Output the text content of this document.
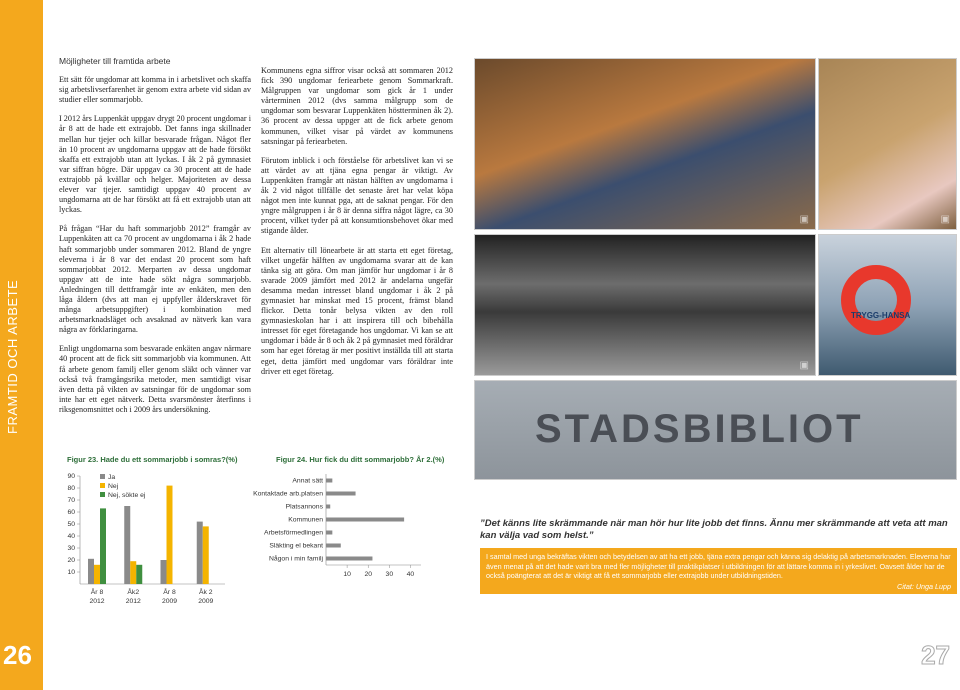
FRAMTID OCH ARBETE
26	27

Möjligheter till framtida arbete

Ett sätt för ungdomar att komma in i arbetslivet och skaffa sig arbetslivserfarenhet är genom extra arbete vid sidan av studier eller sommarjobb.

I 2012 års Luppenkät uppgav drygt 20 procent ungdomar i år 8 att de hade ett extrajobb. Det fanns inga skillnader mellan hur tjejer och killar besvarade frågan. Något fler än 10 procent av ungdomarna uppgav att de hade försökt skaffa ett extrajobb utan att lyckas. I åk 2 på gymnasiet var siffran högre. Där uppgav ca 30 procent att de hade extrajobb på kvällar och helger. Majoriteten av dessa elever var tjejer. samtidigt uppgav 40 procent av ungdomarna att de har försökt att få ett extrajobb utan att lyckas.

På frågan “Har du haft sommarjobb 2012” framgår av Luppenkäten att ca 70 procent av ungdomarna i åk 2 hade haft sommarjobb under sommaren 2012. Bland de yngre eleverna i år 8 var det endast 20 procent som haft sommarjobbat 2012. Merparten av dessa ungdomar uppgav att de inte hade sökt några sommarjobb. Anledningen till dettframgår inte av enkäten, men den låga åldern (dvs att man ej uppfyller ålderskravet för många arbetsuppgifter) i kombination med arbetsmarknadsläget och avsaknad av nätverk kan vara några av förklaringarna.

Enligt ungdomarna som besvarade enkäten angav närmare 40 procent att de fick sitt sommarjobb via kommunen. Att få arbete genom familj eller genom släkt och vänner var också två framgångsrika metoder, men samtidigt visar även detta på vikten av satsningar för de ungdomar som inte har ett eget nätverk. Detta svarsmönster återfinns i riksgenomsnittet och i 2009 års undersökning.

Kommunens egna siffror visar också att sommaren 2012 fick 390 ungdomar feriearbete genom Sommarkraft. Målgruppen var ungdomar som gick år 1 under vårterminen 2012 (dvs samma målgrupp som de ungdomar som besvarar Luppenkäten höstterminen åk 2). 36 procent av dessa uppger att de fick arbete genom kommunen, vilket visar på värdet av kommunens satsningar på feriearbeten.

Förutom inblick i och förståelse för arbetslivet kan vi se att värdet av att tjäna egna pengar är viktigt. Av Luppenkäten framgår att nästan hälften av ungdomarna i åk 2 vid något tillfälle det senaste året har velat köpa något men inte kunnat pga, att de saknat pengar. För den yngre målgruppen i år 8 är denna siffra något lägre, ca 30 procent, vilket tyder på att konsumtionsbehovet ökar med stigande ålder.

Ett alternativ till lönearbete är att starta ett eget företag, vilket ungefär hälften av ungdomarna svarar att de kan tänka sig att göra. Om man jämför hur ungdomar i år 8 svarade 2009 jämfört med 2012 är andelarna ungefär desamma medan intresset bland ungdomar i åk 2 på gymnasiet har minskat med 15 procent, främst bland flickor. Detta tonår belysa vikten av den roll gymnasieskolan har i att inspirera till och bibehålla intresset för eget företagande hos ungdomar. Vi kan se att ungdomar i både år 8 och åk 2 på gymnasiet med föräldrar som har eget företag är mer positivt inställda till att starta eget, detta jämfört med ungdomar vars föräldrar inte driver ett eget företag.

▣	▣
▣
TRYGG-HANSA
STADSBIBLIOT
Figur 23. Hade du ett sommarjobb i somras?(%)	Figur 24. Hur fick du ditt sommarjobb? År 2.(%)
90
80
70
60
50
40
30
20
10
År 8
2012
Åk2
2012
År 8
2009
Åk 2
2009
Ja
Nej
Nej, sökte ej
Annat sätt
Kontaktade arb.platsen
Platsannons
Kommunen
Arbetsförmedlingen
Släkting el bekant
Någon i min familj
10 20 30 40
”Det känns lite skrämmande när man hör hur lite jobb det finns. Ännu mer skrämmande att veta att man kan välja vad som helst.”
I samtal med unga bekräftas vikten och betydelsen av att ha ett jobb, tjäna extra pengar och känna sig delaktig på arbetsmarknaden. Eleverna har även menat på att det hade varit bra med fler möjligheter till praktikplatser i utbildningen för att lättare komma in i yrkeslivet. Oavsett ålder har de också poängterat att det är viktigt att få ett sommarjobb eller extrajobb under utbildningstiden.
Citat: Unga Lupp
